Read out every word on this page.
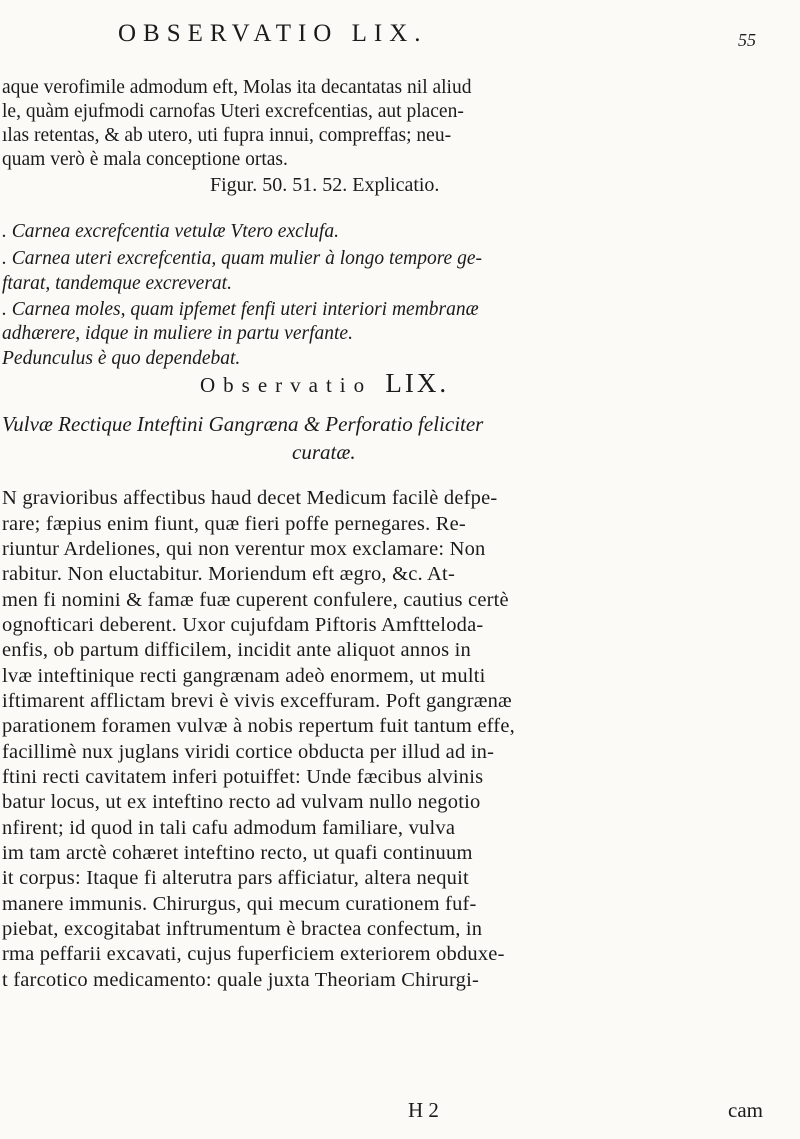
OBSERVATIO LIX.	55
aque verofimile admodum eft, Molas ita decantatas nil aliud
le, quàm ejufmodi carnofas Uteri excrefcentias, aut placen-
ılas retentas, & ab utero, uti fupra innui, compreffas; neu-
quam verò è mala conceptione ortas.
Figur. 50. 51. 52. Explicatio.
. Carnea excrefcentia vetulæ Vtero exclufa.
. Carnea uteri excrefcentia, quam mulier à longo tempore ge-
ftarat, tandemque excreverat.
. Carnea moles, quam ipfemet fenfi uteri interiori membranæ
adhærere, idque in muliere in partu verfante.
Pedunculus è quo dependebat.
Observatio LIX.
Vulvæ Rectique Inteftini Gangræna & Perforatio feliciter
curatæ.
N gravioribus affectibus haud decet Medicum facilè defpe-
rare; fæpius enim fiunt, quæ fieri poffe pernegares. Re-
riuntur Ardeliones, qui non verentur mox exclamare: Non
rabitur. Non eluctabitur. Moriendum eft ægro, &c. At-
men fi nomini & famæ fuæ cuperent confulere, cautius certè
ognofticari deberent. Uxor cujufdam Piftoris Amftteloda-
enfis, ob partum difficilem, incidit ante aliquot annos in
lvæ inteftinique recti gangrænam adeò enormem, ut multi
iftimarent afflictam brevi è vivis exceffuram. Poft gangrænæ
parationem foramen vulvæ à nobis repertum fuit tantum effe,
facillimè nux juglans viridi cortice obducta per illud ad in-
ftini recti cavitatem inferi potuiffet: Unde fæcibus alvinis
batur locus, ut ex inteftino recto ad vulvam nullo negotio
nfirent; id quod in tali cafu admodum familiare, vulva
im tam arctè cohæret inteftino recto, ut quafi continuum
it corpus: Itaque fi alterutra pars afficiatur, altera nequit
manere immunis. Chirurgus, qui mecum curationem fuf-
piebat, excogitabat inftrumentum è bractea confectum, in
rma peffarii excavati, cujus fuperficiem exteriorem obduxe-
t farcotico medicamento: quale juxta Theoriam Chirurgi-
H 2	cam
